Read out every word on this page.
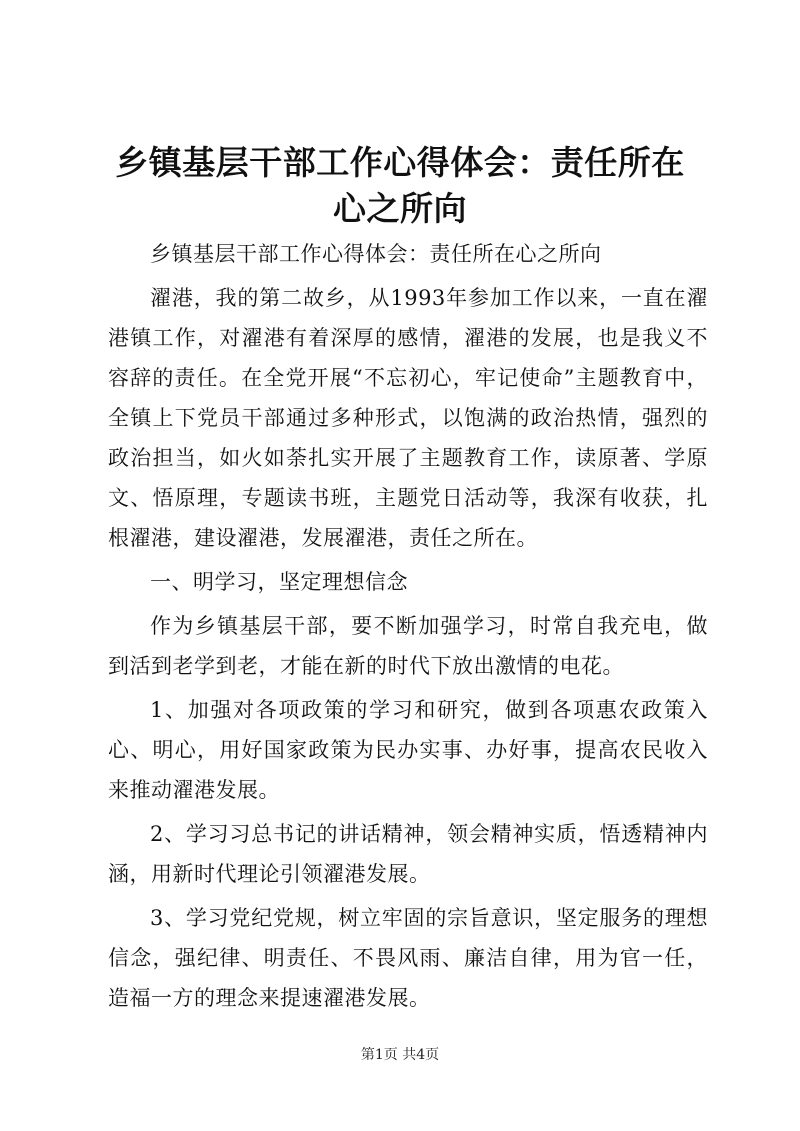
乡镇基层干部工作心得体会：责任所在心之所向

乡镇基层干部工作心得体会：责任所在心之所向

濯港，我的第二故乡，从1993年参加工作以来，一直在濯港镇工作，对濯港有着深厚的感情，濯港的发展，也是我义不容辞的责任。在全党开展“不忘初心，牢记使命”主题教育中，全镇上下党员干部通过多种形式，以饱满的政治热情，强烈的政治担当，如火如荼扎实开展了主题教育工作，读原著、学原文、悟原理，专题读书班，主题党日活动等，我深有收获，扎根濯港，建设濯港，发展濯港，责任之所在。

一、明学习，坚定理想信念

作为乡镇基层干部，要不断加强学习，时常自我充电，做到活到老学到老，才能在新的时代下放出激情的电花。

1、加强对各项政策的学习和研究，做到各项惠农政策入心、明心，用好国家政策为民办实事、办好事，提高农民收入来推动濯港发展。

2、学习习总书记的讲话精神，领会精神实质，悟透精神内涵，用新时代理论引领濯港发展。

3、学习党纪党规，树立牢固的宗旨意识，坚定服务的理想信念，强纪律、明责任、不畏风雨、廉洁自律，用为官一任，造福一方的理念来提速濯港发展。

第1页 共4页
